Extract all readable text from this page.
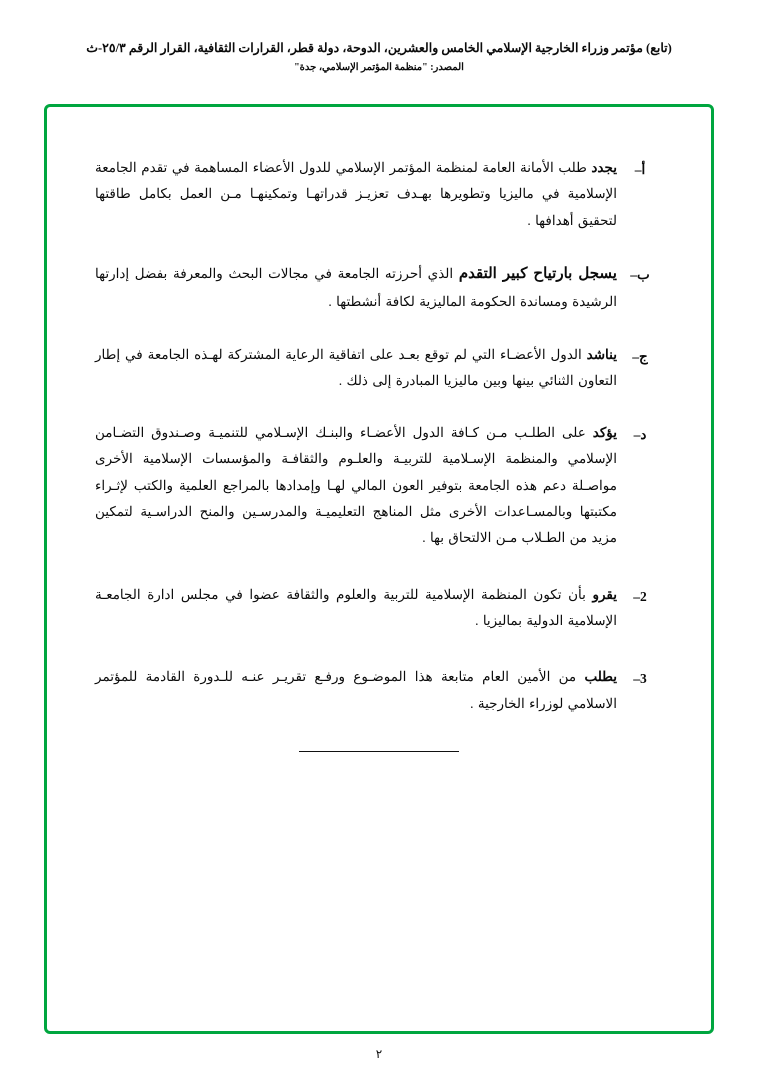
(تابع) مؤتمر وزراء الخارجية الإسلامي الخامس والعشرين، الدوحة، دولة قطر، القرارات الثقافية، القرار الرقم ٢٥/٣-ث
المصدر: "منظمة المؤتمر الإسلامي، جدة"
أ–
يجدد طلب الأمانة العامة لمنظمة المؤتمر الإسلامي للدول الأعضاء المساهمة في تقدم الجامعة الإسلامية في ماليزيا وتطويرها بهـدف تعزيـز قدراتهـا وتمكينهـا مـن العمل بكامل طاقتها لتحقيق أهدافها .
ب–
يسجل بارتياح كبير التقدم الذي أحرزته الجامعة في مجالات البحث والمعرفة بفضل إدارتها الرشيدة ومساندة الحكومة الماليزية لكافة أنشطتها .
ج–
يناشد الدول الأعضـاء التي لم توقع بعـد على اتفاقية الرعاية المشتركة لهـذه الجامعة في إطار التعاون الثنائي بينها وبين ماليزيا المبادرة إلى ذلك .
د–
يؤكد على الطلـب مـن كـافة الدول الأعضـاء والبنـك الإسـلامي للتنميـة وصـندوق التضـامن الإسلامي والمنظمة الإسـلامية للتربيـة والعلـوم والثقافـة والمؤسسات الإسلامية الأخرى مواصـلة دعم هذه الجامعة بتوفير العون المالي لهـا وإمدادها بالمراجع العلمية والكتب لإثـراء مكتبتها وبالمسـاعدات الأخرى مثل المناهج التعليميـة والمدرسـين والمنح الدراسـية لتمكين مزيد من الطـلاب مـن الالتحاق بها .
2–
يقرو بأن تكون المنظمة الإسلامية للتربية والعلوم والثقافة عضوا في مجلس ادارة الجامعـة الإسلامية الدولية بماليزيا .
3–
يطلب من الأمين العام متابعة هذا الموضـوع ورفـع تقريـر عنـه للـدورة القادمة للمؤتمر الاسلامي لوزراء الخارجية .
٢
